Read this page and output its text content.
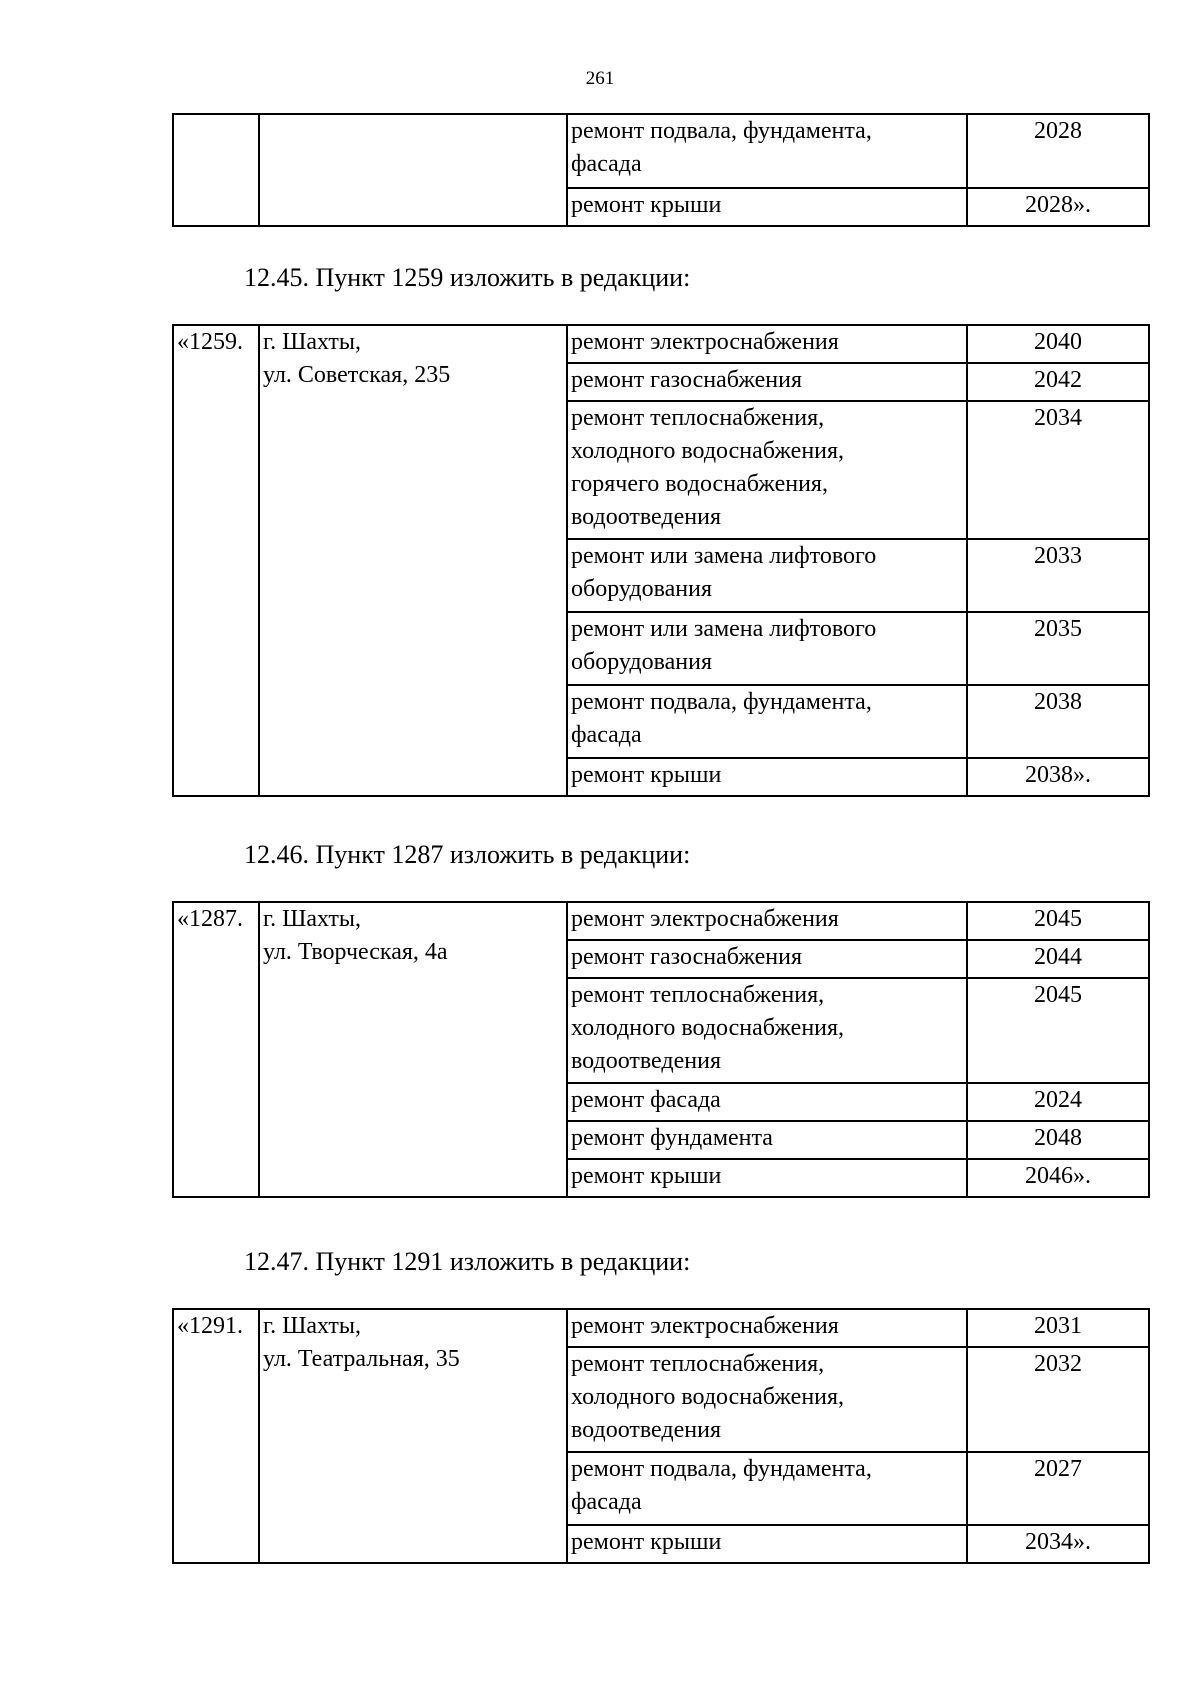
261

		ремонт подвала, фундамента,
фасада	2028

		ремонт крыши	2028».
12.45. Пункт 1259 изложить в редакции:
«1259.	г. Шахты,
ул. Советская, 235	ремонт электроснабжения	2040

		ремонт газоснабжения	2042

		ремонт теплоснабжения,
холодного водоснабжения,
горячего водоснабжения,
водоотведения	2034

		ремонт или замена лифтового
оборудования	2033

		ремонт или замена лифтового
оборудования	2035

		ремонт подвала, фундамента,
фасада	2038

		ремонт крыши	2038».
12.46. Пункт 1287 изложить в редакции:
«1287.	г. Шахты,
ул. Творческая, 4а	ремонт электроснабжения	2045

		ремонт газоснабжения	2044

		ремонт теплоснабжения,
холодного водоснабжения,
водоотведения	2045

		ремонт фасада	2024

		ремонт фундамента	2048

		ремонт крыши	2046».
12.47. Пункт 1291 изложить в редакции:
«1291.	г. Шахты,
ул. Театральная, 35	ремонт электроснабжения	2031

		ремонт теплоснабжения,
холодного водоснабжения,
водоотведения	2032

		ремонт подвала, фундамента,
фасада	2027

		ремонт крыши	2034».
